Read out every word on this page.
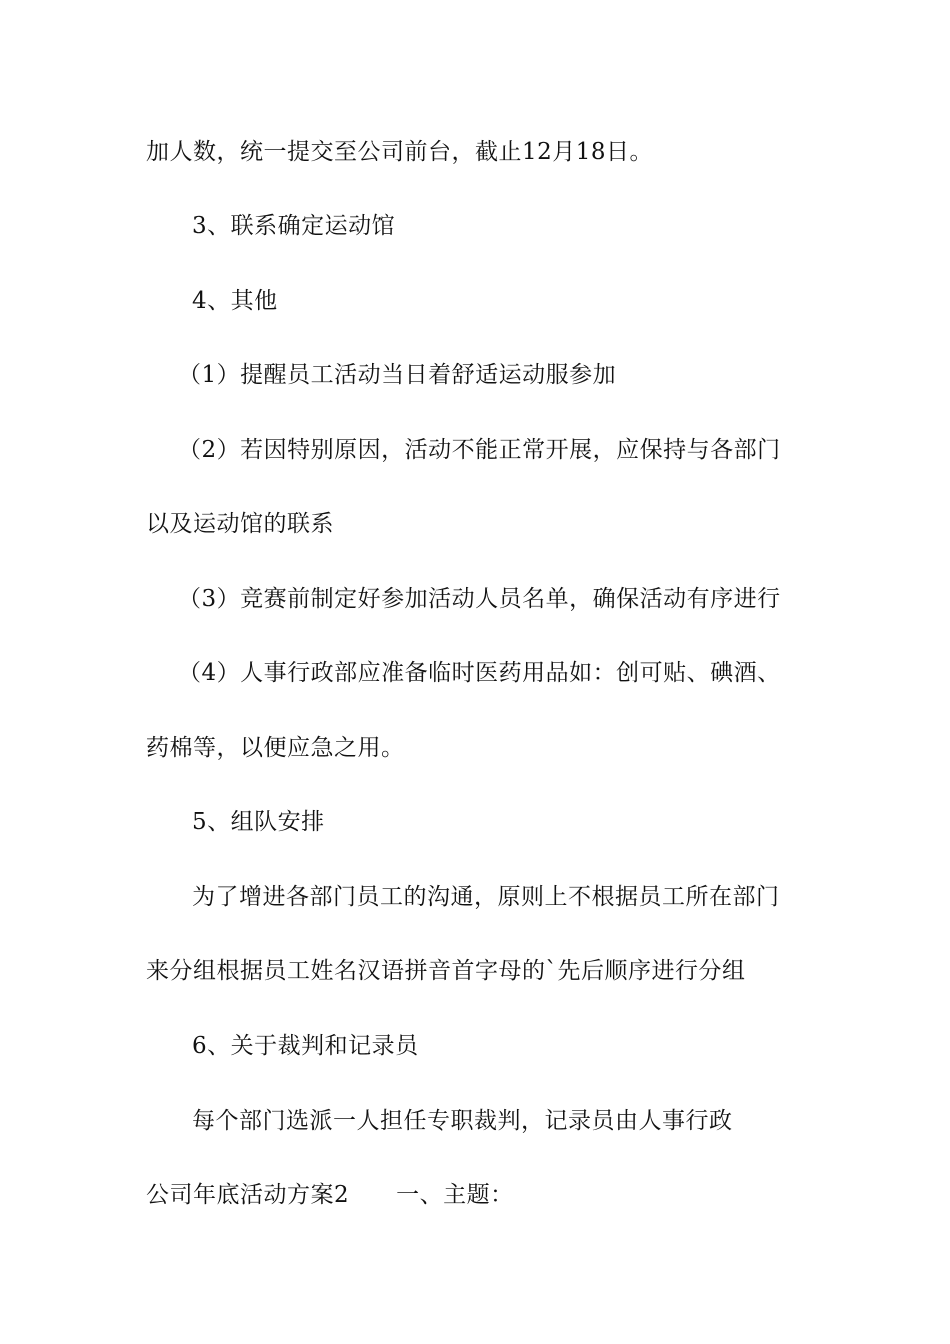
加人数，统一提交至公司前台，截止12月18日。
3、联系确定运动馆
4、其他
（1）提醒员工活动当日着舒适运动服参加
（2）若因特别原因，活动不能正常开展，应保持与各部门
以及运动馆的联系
（3）竞赛前制定好参加活动人员名单，确保活动有序进行
（4）人事行政部应准备临时医药用品如：创可贴、碘酒、
药棉等，以便应急之用。
5、组队安排
为了增进各部门员工的沟通，原则上不根据员工所在部门
来分组根据员工姓名汉语拼音首字母的`先后顺序进行分组
6、关于裁判和记录员
每个部门选派一人担任专职裁判，记录员由人事行政
公司年底活动方案2　　一、主题：
